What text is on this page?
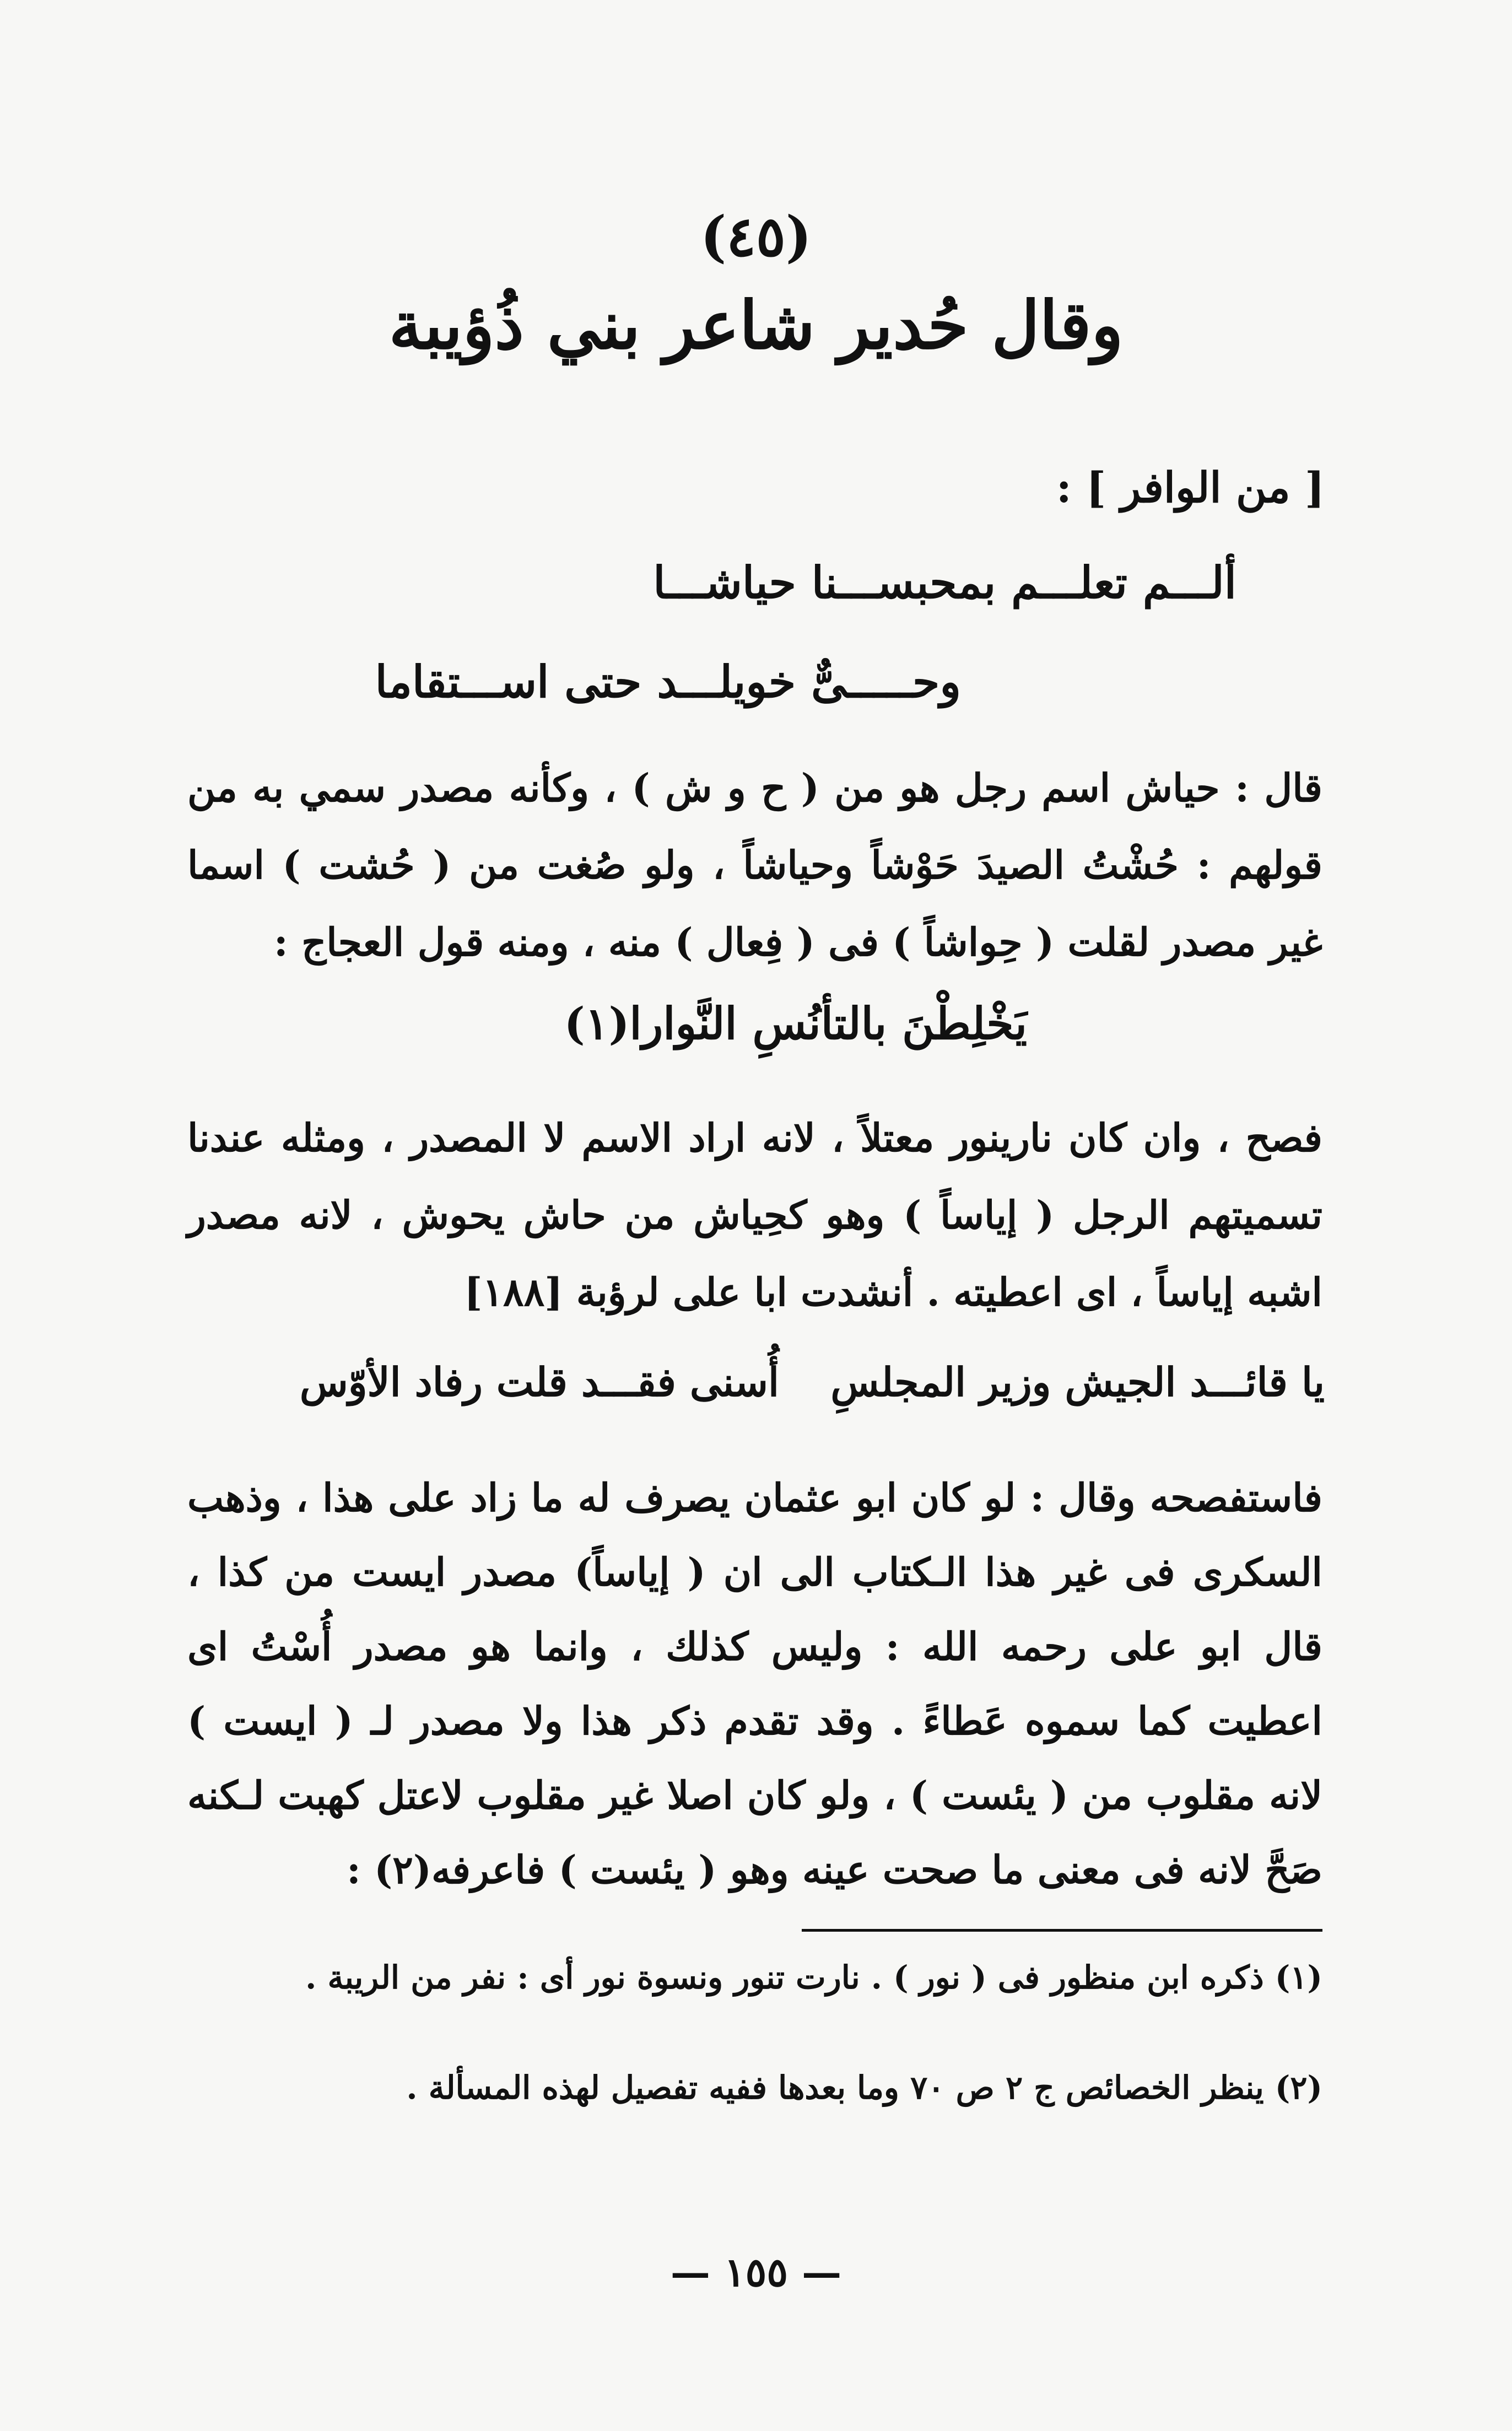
(٤٥)
وقال حُدير شاعر بني ذُؤيبة
[ من الوافر ] :
ألـــم تعلـــم بمحبســـنا حياشـــا
وحـــــىٌّ خويلـــد حتى اســـتقاما
قال : حياش اسم رجل هو من ( ح و ش ) ، وكأنه مصدر سمي به من قولهم : حُشْتُ الصيدَ حَوْشاً وحياشاً ، ولو صُغت من ( حُشت ) اسما غير مصدر لقلت ( حِواشاً ) فى ( فِعال ) منه ، ومنه قول العجاج :
يَخْلِطْنَ بالتأنُسِ النَّوارا(١)
فصح ، وان كان نارينور معتلاً ، لانه اراد الاسم لا المصدر ، ومثله عندنا تسميتهم الرجل ( إياساً ) وهو كحِياش من حاش يحوش ، لانه مصدر اشبه إياساً ، اى اعطيته . أنشدت ابا على لرؤبة [١٨٨]
يا قائـــد الجيش وزير المجلسِ
أُسنى فقـــد قلت رفاد الأوّس
فاستفصحه وقال : لو كان ابو عثمان يصرف له ما زاد على هذا ، وذهب السكرى فى غير هذا الـكتاب الى ان ( إياساً) مصدر ايست من كذا ، قال ابو على رحمه الله : وليس كذلك ، وانما هو مصدر أُسْتُ اى اعطيت كما سموه عَطاءً . وقد تقدم ذكر هذا ولا مصدر لـ ( ايست ) لانه مقلوب من ( يئست ) ، ولو كان اصلا غير مقلوب لاعتل كهبت لـكنه صَحَّ لانه فى معنى ما صحت عينه وهو ( يئست ) فاعرفه(٢) :
(١) ذكره ابن منظور فى ( نور ) . نارت تنور ونسوة نور أى : نفر من الريبة .
(٢) ينظر الخصائص ج ٢ ص ٧٠ وما بعدها ففيه تفصيل لهذه المسألة .
— ١٥٥ —
